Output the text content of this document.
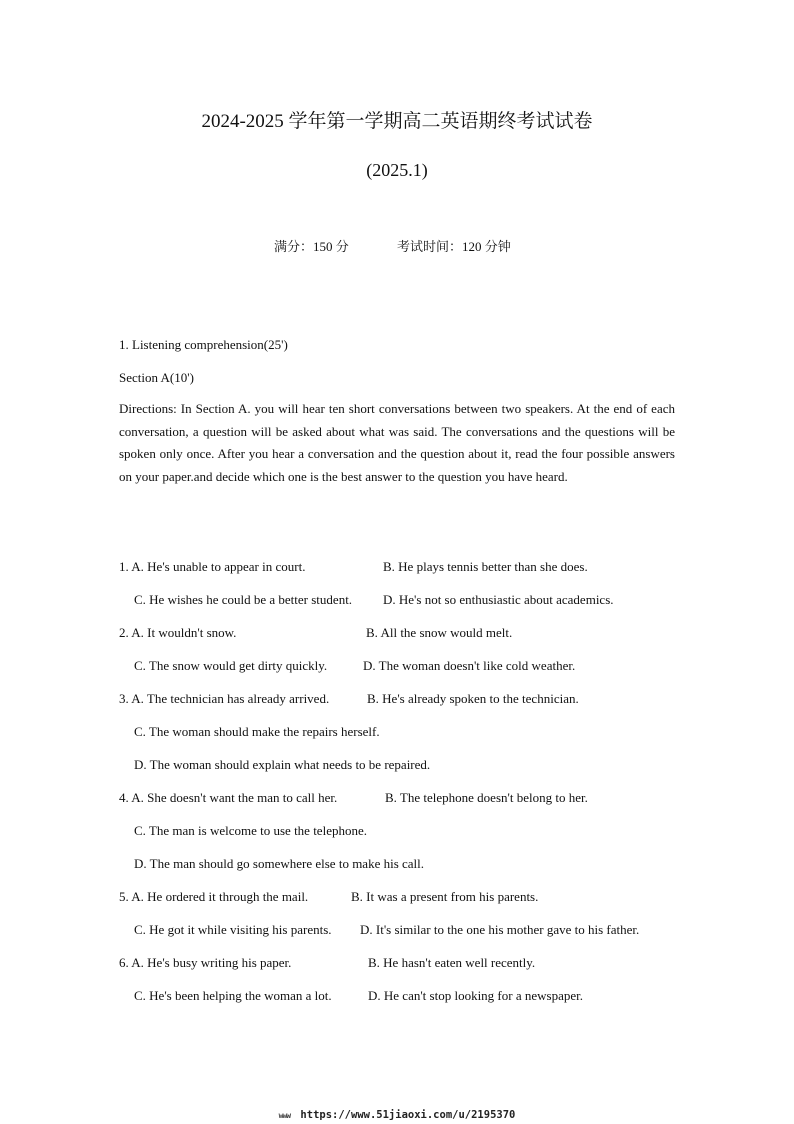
2024-2025 学年第一学期高二英语期终考试试卷
(2025.1)
满分：150 分	考试时间：120 分钟
1. Listening comprehension(25')
Section A(10')
Directions: In Section A. you will hear ten short conversations between two speakers. At the end of each conversation, a question will be asked about what was said. The conversations and the questions will be spoken only once. After you hear a conversation and the question about it, read the four possible answers on your paper.and decide which one is the best answer to the question you have heard.
1. A. He's unable to appear in court.	B. He plays tennis better than she does.
C. He wishes he could be a better student. D. He's not so enthusiastic about academics.
2. A. It wouldn't snow.	B. All the snow would melt.
C. The snow would get dirty quickly.	D. The woman doesn't like cold weather.
3. A. The technician has already arrived.	B. He's already spoken to the technician.
C. The woman should make the repairs herself.
D. The woman should explain what needs to be repaired.
4. A. She doesn't want the man to call her.	B. The telephone doesn't belong to her.
C. The man is welcome to use the telephone.
D. The man should go somewhere else to make his call.
5. A. He ordered it through the mail.	B. It was a present from his parents.
C. He got it while visiting his parents. D. It's similar to the one his mother gave to his father.
6. A. He's busy writing his paper.	B. He hasn't eaten well recently.
C. He's been helping the woman a lot.	D. He can't stop looking for a newspaper.
www https://www.51jiaoxi.com/u/2195370
